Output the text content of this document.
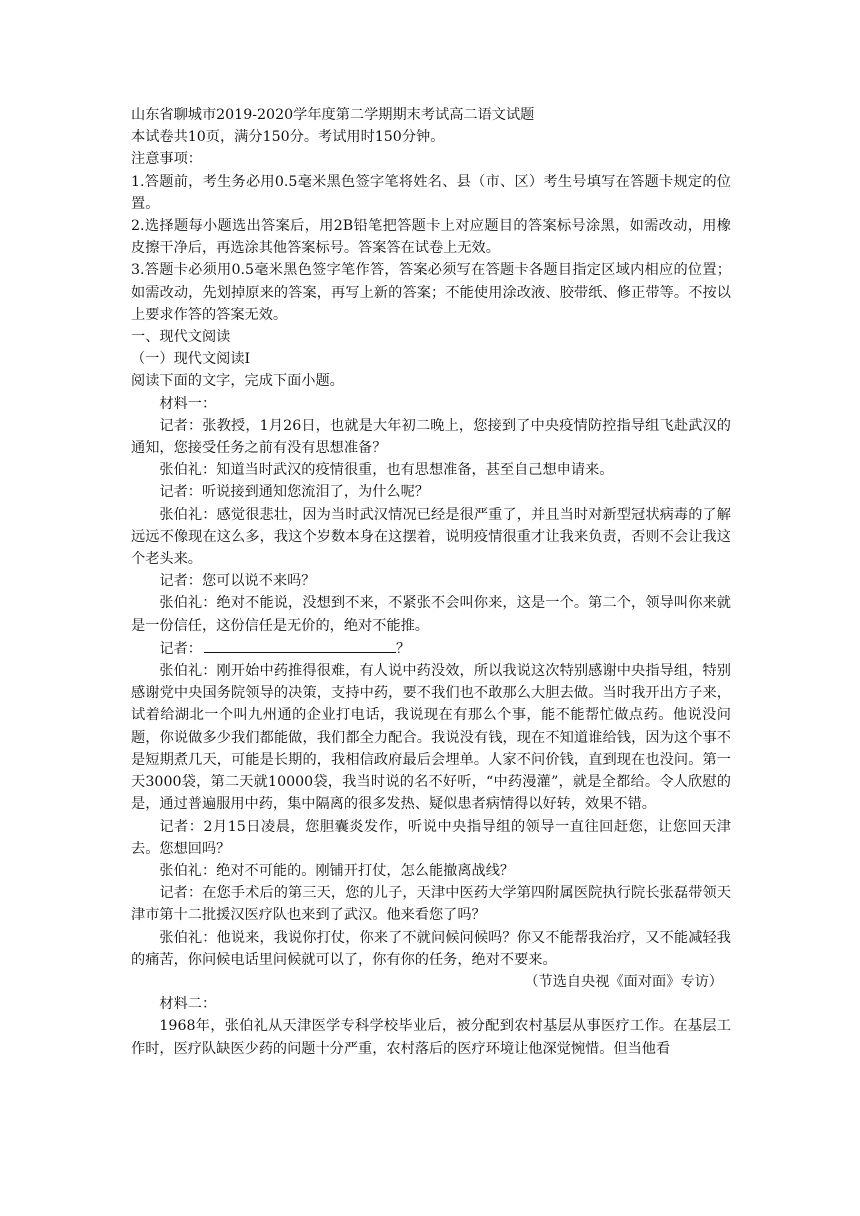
山东省聊城市2019-2020学年度第二学期期末考试高二语文试题

本试卷共10页，满分150分。考试用时150分钟。

注意事项：

1.答题前，考生务必用0.5毫米黑色签字笔将姓名、县（市、区）考生号填写在答题卡规定的位置。

2.选择题每小题选出答案后，用2B铅笔把答题卡上对应题目的答案标号涂黑，如需改动，用橡皮擦干净后，再选涂其他答案标号。答案答在试卷上无效。

3.答题卡必须用0.5毫米黑色签字笔作答，答案必须写在答题卡各题目指定区域内相应的位置；如需改动，先划掉原来的答案，再写上新的答案；不能使用涂改液、胶带纸、修正带等。不按以上要求作答的答案无效。

一、现代文阅读

（一）现代文阅读Ⅰ

阅读下面的文字，完成下面小题。

材料一：

记者：张教授，1月26日，也就是大年初二晚上，您接到了中央疫情防控指导组飞赴武汉的通知，您接受任务之前有没有思想准备？

张伯礼：知道当时武汉的疫情很重，也有思想准备，甚至自己想申请来。

记者：听说接到通知您流泪了，为什么呢？

张伯礼：感觉很悲壮，因为当时武汉情况已经是很严重了，并且当时对新型冠状病毒的了解远远不像现在这么多，我这个岁数本身在这摆着，说明疫情很重才让我来负责，否则不会让我这个老头来。

记者：您可以说不来吗？

张伯礼：绝对不能说，没想到不来，不紧张不会叫你来，这是一个。第二个，领导叫你来就是一份信任，这份信任是无价的，绝对不能推。

记者：	？

张伯礼：刚开始中药推得很难，有人说中药没效，所以我说这次特别感谢中央指导组，特别感谢党中央国务院领导的决策，支持中药，要不我们也不敢那么大胆去做。当时我开出方子来，试着给湖北一个叫九州通的企业打电话，我说现在有那么个事，能不能帮忙做点药。他说没问题，你说做多少我们都能做，我们都全力配合。我说没有钱，现在不知道谁给钱，因为这个事不是短期煮几天，可能是长期的，我相信政府最后会埋单。人家不问价钱，直到现在也没问。第一天3000袋，第二天就10000袋，我当时说的名不好听，“中药漫灌”，就是全都给。令人欣慰的是，通过普遍服用中药，集中隔离的很多发热、疑似患者病情得以好转，效果不错。

记者：2月15日凌晨，您胆囊炎发作，听说中央指导组的领导一直往回赶您，让您回天津去。您想回吗？

张伯礼：绝对不可能的。刚铺开打仗，怎么能撤离战线？

记者：在您手术后的第三天，您的儿子，天津中医药大学第四附属医院执行院长张磊带领天津市第十二批援汉医疗队也来到了武汉。他来看您了吗？

张伯礼：他说来，我说你打仗，你来了不就问候问候吗？你又不能帮我治疗，又不能减轻我的痛苦，你问候电话里问候就可以了，你有你的任务，绝对不要来。

（节选自央视《面对面》专访）

材料二：

1968年，张伯礼从天津医学专科学校毕业后，被分配到农村基层从事医疗工作。在基层工作时，医疗队缺医少药的问题十分严重，农村落后的医疗环境让他深觉惋惜。但当他看
